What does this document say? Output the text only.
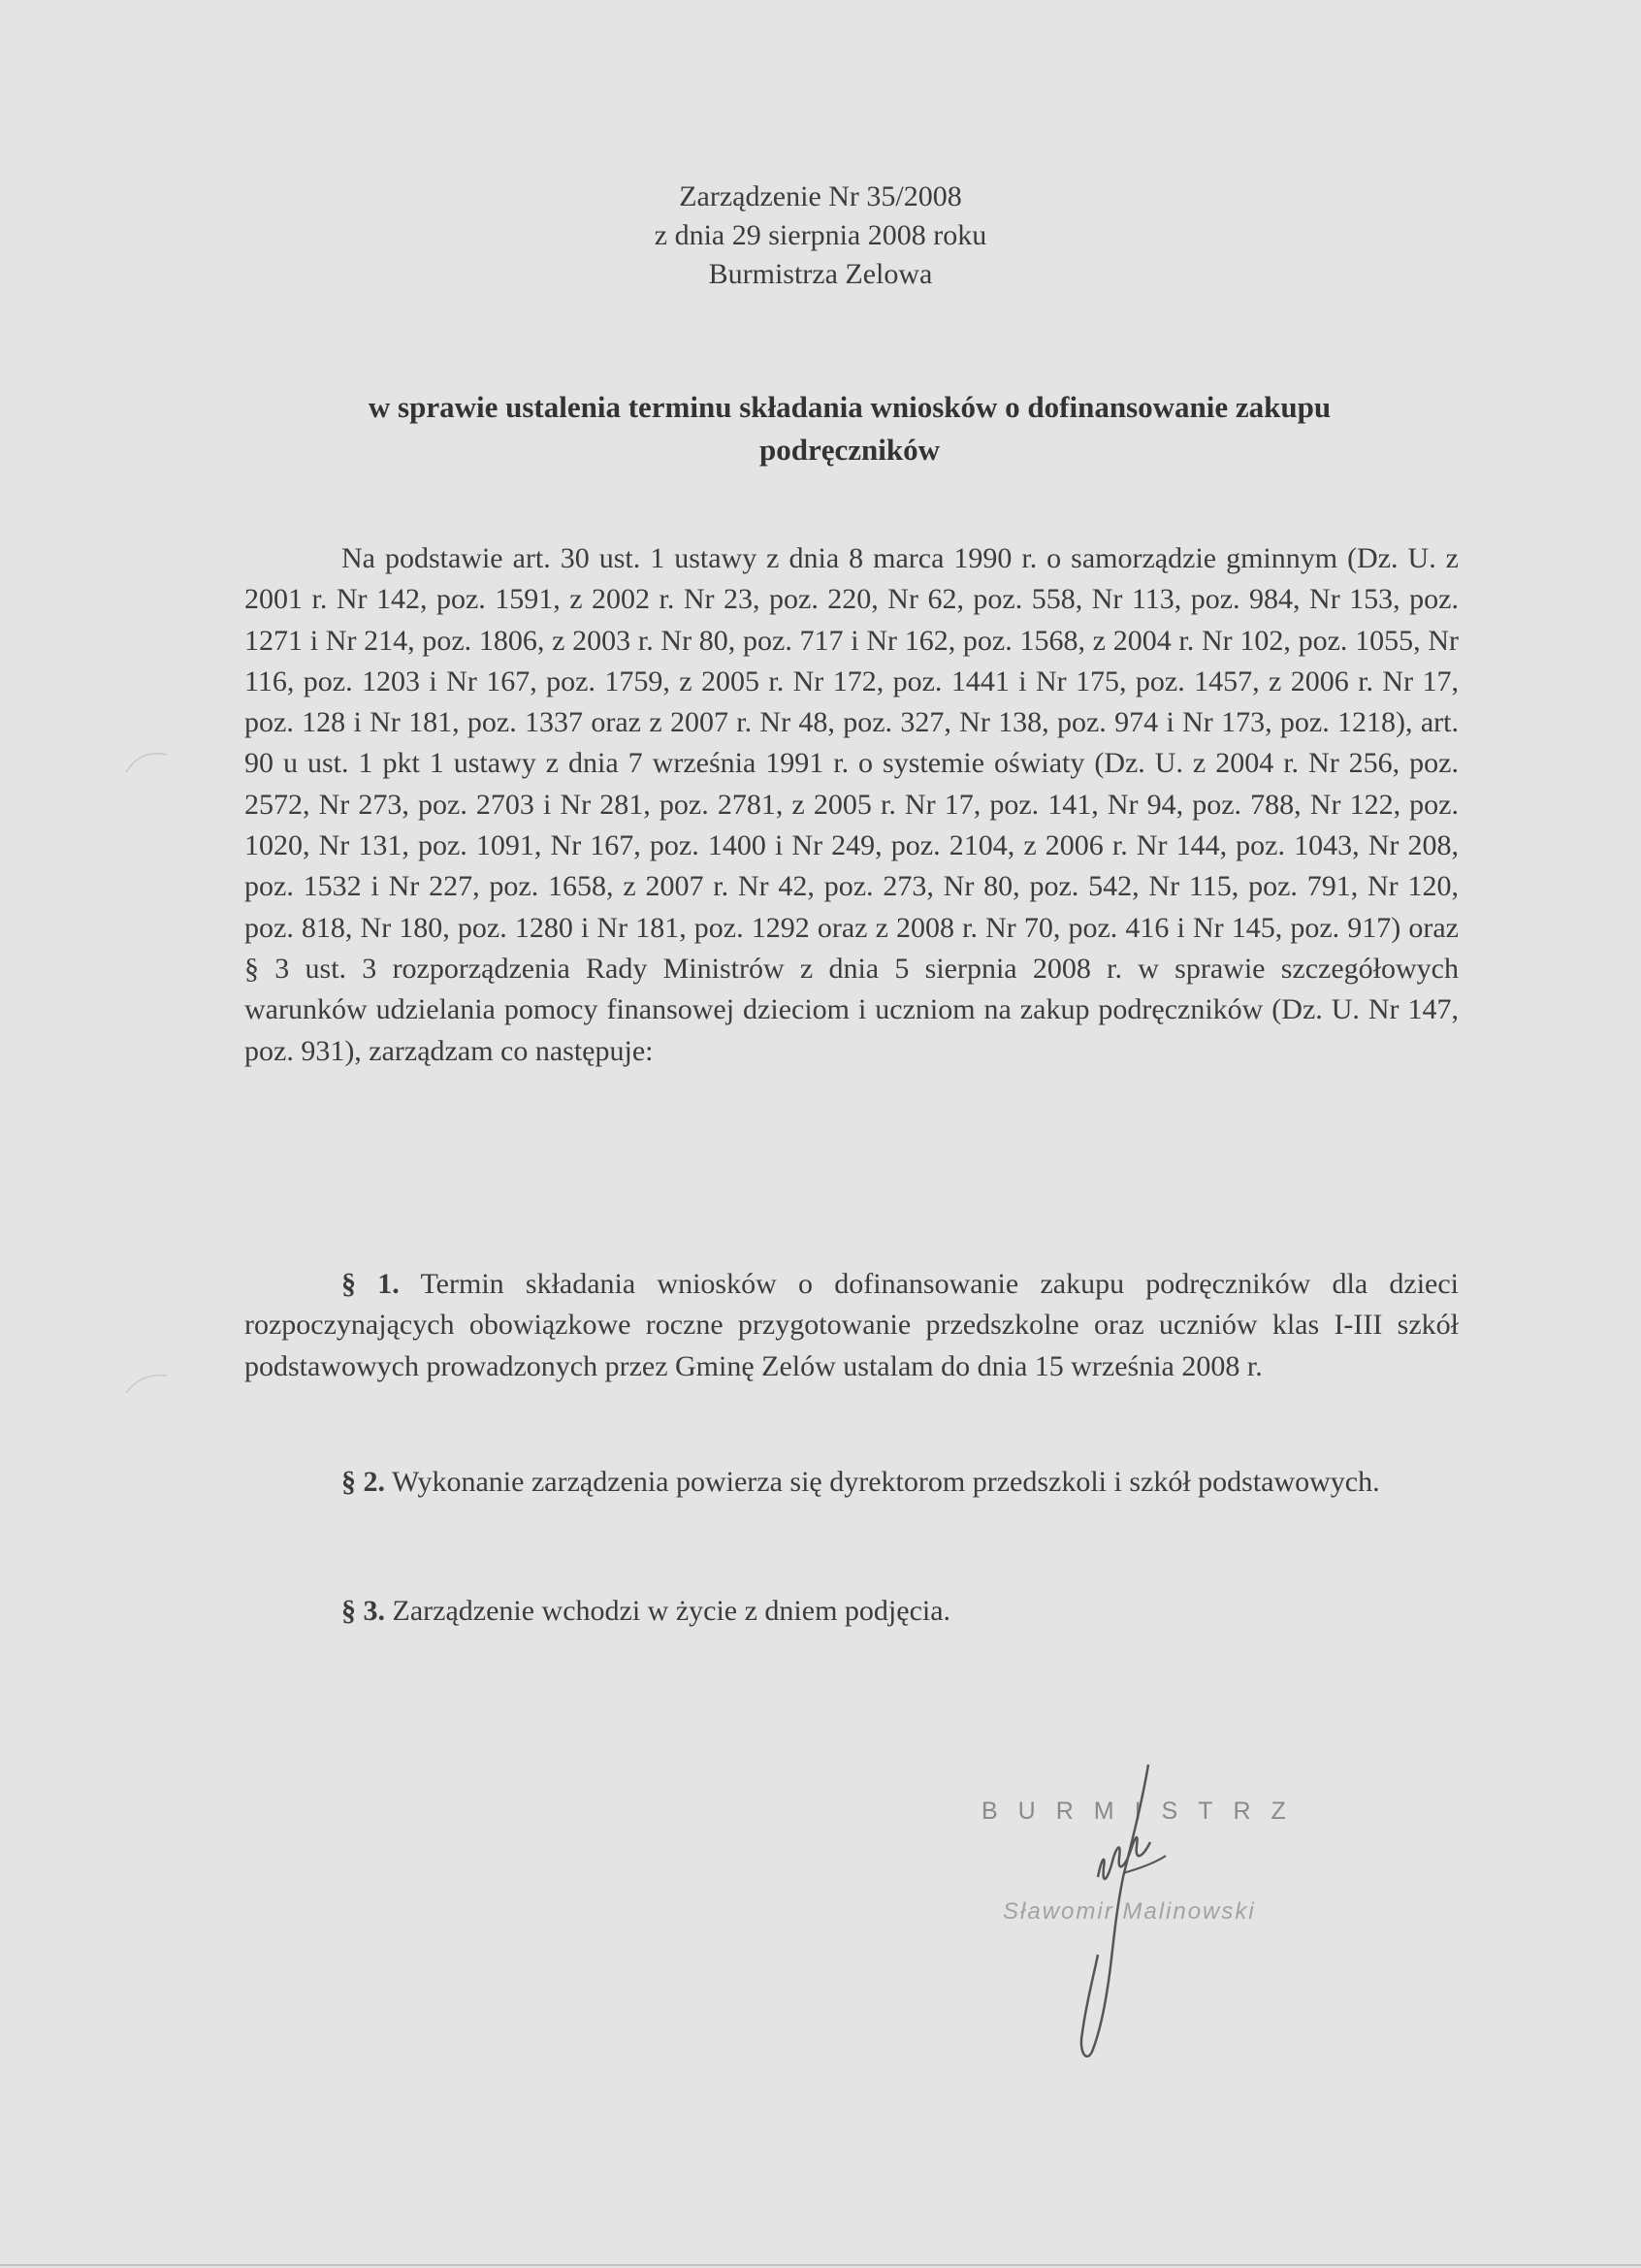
Zarządzenie Nr 35/2008
z dnia 29 sierpnia 2008 roku
Burmistrza Zelowa
w sprawie ustalenia terminu składania wniosków o dofinansowanie zakupu
podręczników
Na podstawie art. 30 ust. 1 ustawy z dnia 8 marca 1990 r. o samorządzie gminnym (Dz. U. z 2001 r. Nr 142, poz. 1591, z 2002 r. Nr 23, poz. 220, Nr 62, poz. 558, Nr 113, poz. 984, Nr 153, poz. 1271 i Nr 214, poz. 1806, z 2003 r. Nr 80, poz. 717 i Nr 162, poz. 1568, z 2004 r. Nr 102, poz. 1055, Nr 116, poz. 1203 i Nr 167, poz. 1759, z 2005 r. Nr 172, poz. 1441 i Nr 175, poz. 1457, z 2006 r. Nr 17, poz. 128 i Nr 181, poz. 1337 oraz z 2007 r. Nr 48, poz. 327, Nr 138, poz. 974 i Nr 173, poz. 1218), art. 90 u ust. 1 pkt 1 ustawy z dnia 7 września 1991 r. o systemie oświaty (Dz. U. z 2004 r. Nr 256, poz. 2572, Nr 273, poz. 2703 i Nr 281, poz. 2781, z 2005 r. Nr 17, poz. 141, Nr 94, poz. 788, Nr 122, poz. 1020, Nr 131, poz. 1091, Nr 167, poz. 1400 i Nr 249, poz. 2104, z 2006 r. Nr 144, poz. 1043, Nr 208, poz. 1532 i Nr 227, poz. 1658, z 2007 r. Nr 42, poz. 273, Nr 80, poz. 542, Nr 115, poz. 791, Nr 120, poz. 818, Nr 180, poz. 1280 i Nr 181, poz. 1292 oraz z 2008 r. Nr 70, poz. 416 i Nr 145, poz. 917) oraz § 3 ust. 3 rozporządzenia Rady Ministrów z dnia 5 sierpnia 2008 r. w sprawie szczegółowych warunków udzielania pomocy finansowej dzieciom i uczniom na zakup podręczników (Dz. U. Nr 147, poz. 931), zarządzam co następuje:
§ 1. Termin składania wniosków o dofinansowanie zakupu podręczników dla dzieci rozpoczynających obowiązkowe roczne przygotowanie przedszkolne oraz uczniów klas I-III szkół podstawowych prowadzonych przez Gminę Zelów ustalam do dnia 15 września 2008 r.
§ 2. Wykonanie zarządzenia powierza się dyrektorom przedszkoli i szkół podstawowych.
§ 3. Zarządzenie wchodzi w życie z dniem podjęcia.
BURMISTRZ
Sławomir Malinowski
